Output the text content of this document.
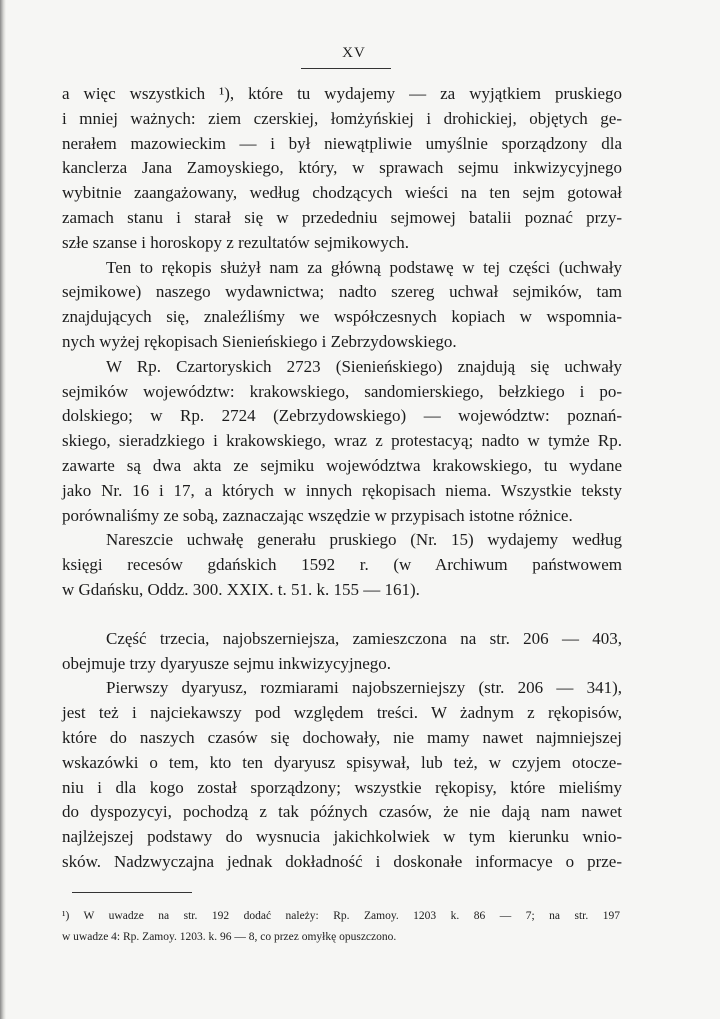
XV
a więc wszystkich ¹), które tu wydajemy — za wyjątkiem pruskiego
i mniej ważnych: ziem czerskiej, łomżyńskiej i drohickiej, objętych ge-
nerałem mazowieckim — i był niewątpliwie umyślnie sporządzony dla
kanclerza Jana Zamoyskiego, który, w sprawach sejmu inkwizycyjnego
wybitnie zaangażowany, według chodzących wieści na ten sejm gotował
zamach stanu i starał się w przededniu sejmowej batalii poznać przy-
szłe szanse i horoskopy z rezultatów sejmikowych.
Ten to rękopis służył nam za główną podstawę w tej części (uchwały
sejmikowe) naszego wydawnictwa; nadto szereg uchwał sejmików, tam
znajdujących się, znaleźliśmy we współczesnych kopiach w wspomnia-
nych wyżej rękopisach Sienieńskiego i Zebrzydowskiego.
W Rp. Czartoryskich 2723 (Sienieńskiego) znajdują się uchwały
sejmików województw: krakowskiego, sandomierskiego, bełzkiego i po-
dolskiego; w Rp. 2724 (Zebrzydowskiego) — województw: poznań-
skiego, sieradzkiego i krakowskiego, wraz z protestacyą; nadto w tymże Rp.
zawarte są dwa akta ze sejmiku województwa krakowskiego, tu wydane
jako Nr. 16 i 17, a których w innych rękopisach niema. Wszystkie teksty
porównaliśmy ze sobą, zaznaczając wszędzie w przypisach istotne różnice.
Nareszcie uchwałę generału pruskiego (Nr. 15) wydajemy według
księgi recesów gdańskich 1592 r. (w Archiwum państwowem
w Gdańsku, Oddz. 300. XXIX. t. 51. k. 155 — 161).
Część trzecia, najobszerniejsza, zamieszczona na str. 206 — 403,
obejmuje trzy dyaryusze sejmu inkwizycyjnego.
Pierwszy dyaryusz, rozmiarami najobszerniejszy (str. 206 — 341),
jest też i najciekawszy pod względem treści. W żadnym z rękopisów,
które do naszych czasów się dochowały, nie mamy nawet najmniejszej
wskazówki o tem, kto ten dyaryusz spisywał, lub też, w czyjem otocze-
niu i dla kogo został sporządzony; wszystkie rękopisy, które mieliśmy
do dyspozycyi, pochodzą z tak późnych czasów, że nie dają nam nawet
najlżejszej podstawy do wysnucia jakichkolwiek w tym kierunku wnio-
sków. Nadzwyczajna jednak dokładność i doskonałe informacye o prze-
¹) W uwadze na str. 192 dodać należy: Rp. Zamoy. 1203 k. 86 — 7; na str. 197
w uwadze 4: Rp. Zamoy. 1203. k. 96 — 8, co przez omyłkę opuszczono.
